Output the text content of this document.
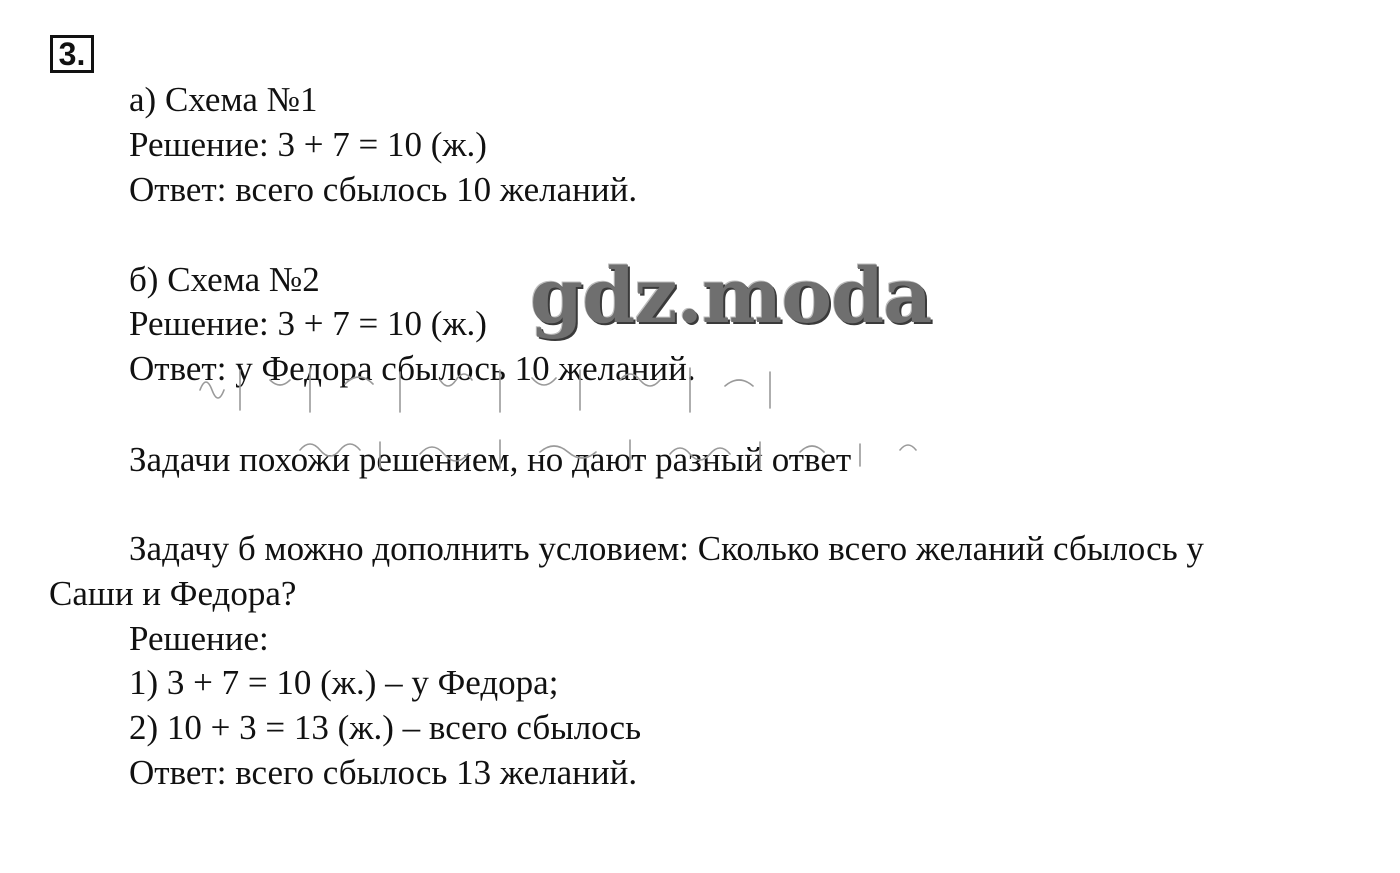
3.
а) Схема №1
Решение: 3 + 7 = 10 (ж.)
Ответ: всего сбылось 10 желаний.
б) Схема №2
Решение: 3 + 7 = 10 (ж.)
Ответ: у Федора сбылось 10 желаний.
Задачи похожи решением, но дают разный ответ
Задачу б можно дополнить условием: Сколько всего желаний сбылось у
Саши и Федора?
Решение:
1) 3 + 7 = 10 (ж.) – у Федора;
2) 10 + 3 = 13 (ж.) – всего сбылось
Ответ: всего сбылось 13 желаний.
gdz.moda
